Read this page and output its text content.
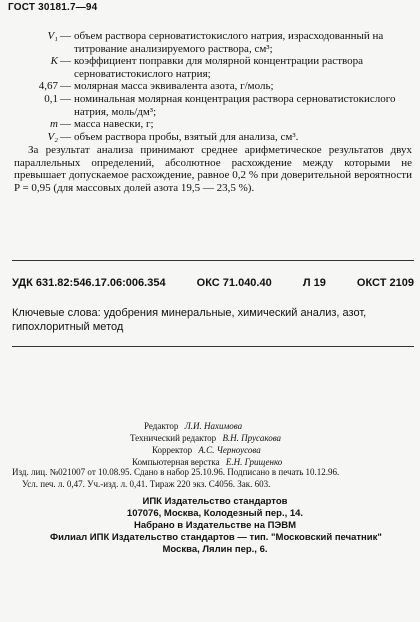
ГОСТ 30181.7—94
V₁ — объем раствора серноватистокислого натрия, израсходованный на титрование анализируемого раствора, см³;
K — коэффициент поправки для молярной концентрации раствора серноватистокислого натрия;
4,67 — молярная масса эквивалента азота, г/моль;
0,1 — номинальная молярная концентрация раствора серноватистокислого натрия, моль/дм³;
m — масса навески, г;
V₂ — объем раствора пробы, взятый для анализа, см³.
За результат анализа принимают среднее арифметическое результатов двух параллельных определений, абсолютное расхождение между которыми не превышает допускаемое расхождение, равное 0,2 % при доверительной вероятности P = 0,95 (для массовых долей азота 19,5 — 23,5 %).
УДК 631.82:546.17.06:006.354	ОКС 71.040.40	Л 19	ОКСТ 2109
Ключевые слова: удобрения минеральные, химический анализ, азот, гипохлоритный метод
Редактор Л.И. Нахимова
Технический редактор В.Н. Прусакова
Корректор А.С. Черноусова
Компьютерная верстка Е.Н. Грищенко
Изд. лиц. №021007 от 10.08.95. Сдано в набор 25.10.96. Подписано в печать 10.12.96.
Усл. печ. л. 0,47. Уч.-изд. л. 0,41. Тираж 220 экз. С4056. Зак. 603.
ИПК Издательство стандартов
107076, Москва, Колодезный пер., 14.
Набрано в Издательстве на ПЭВМ
Филиал ИПК Издательство стандартов — тип. "Московский печатник"
Москва, Лялин пер., 6.
